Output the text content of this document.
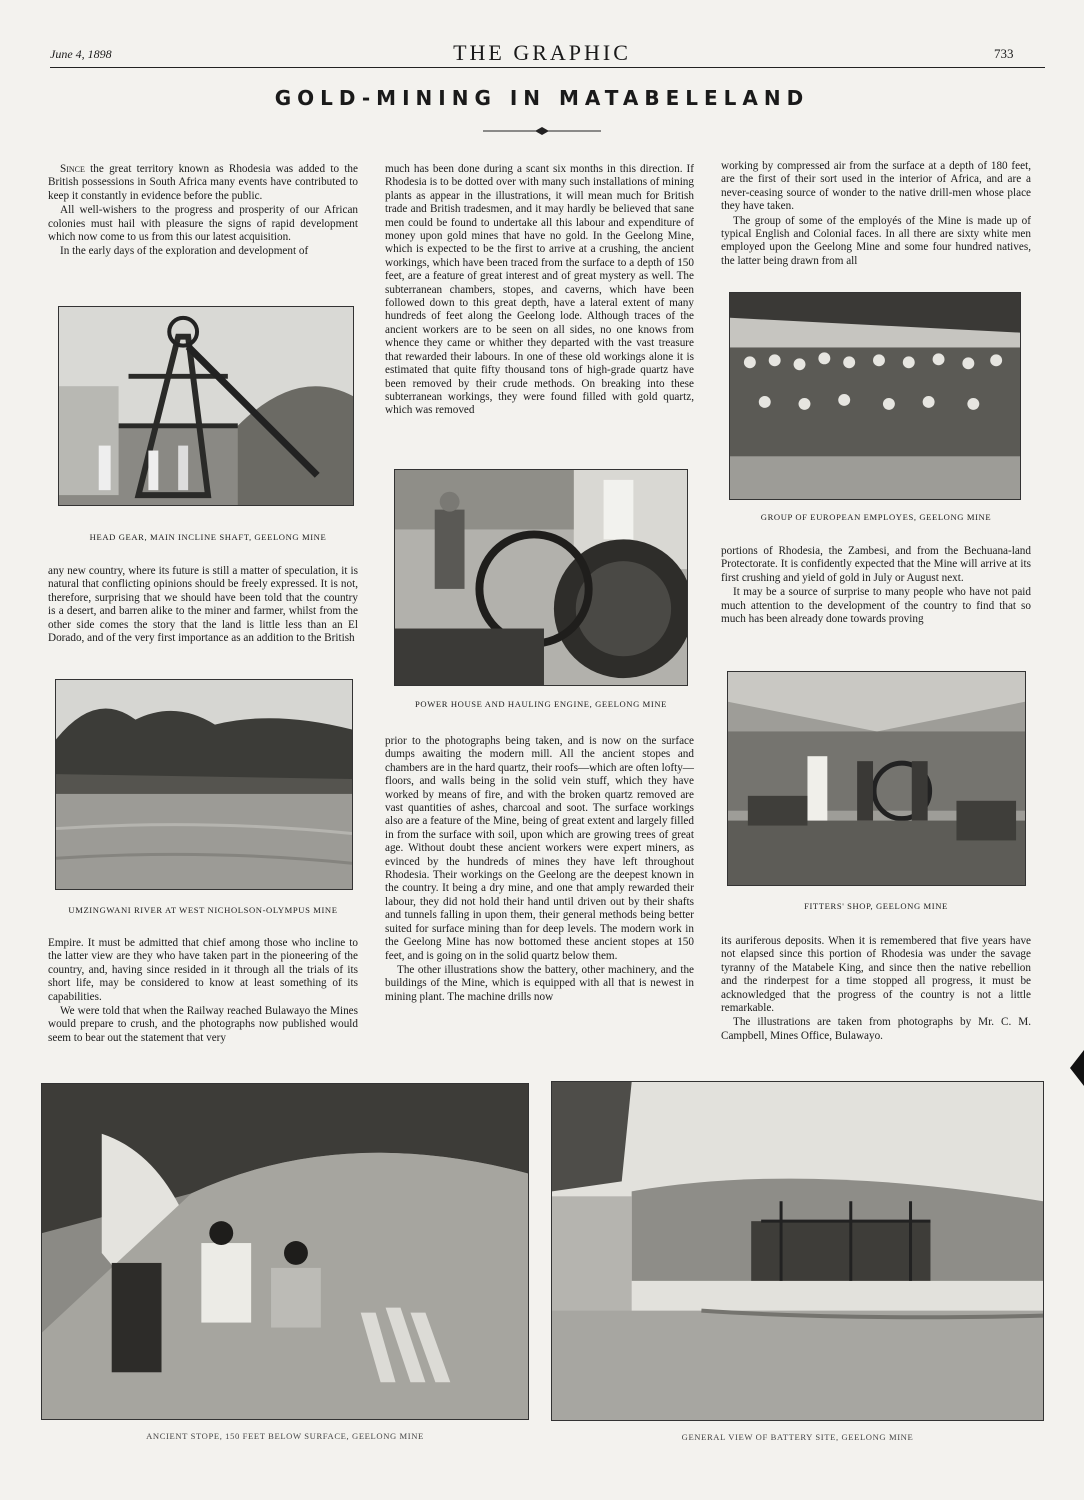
June 4, 1898	THE GRAPHIC	733
GOLD-MINING IN MATABELELAND

Since the great territory known as Rhodesia was added to the British possessions in South Africa many events have contributed to keep it constantly in evidence before the public.

All well-wishers to the progress and prosperity of our African colonies must hail with pleasure the signs of rapid development which now come to us from this our latest acquisition.

In the early days of the exploration and development of

HEAD GEAR, MAIN INCLINE SHAFT, GEELONG MINE

any new country, where its future is still a matter of speculation, it is natural that conflicting opinions should be freely expressed. It is not, therefore, surprising that we should have been told that the country is a desert, and barren alike to the miner and farmer, whilst from the other side comes the story that the land is little less than an El Dorado, and of the very first importance as an addition to the British

UMZINGWANI RIVER AT WEST NICHOLSON-OLYMPUS MINE

Empire. It must be admitted that chief among those who incline to the latter view are they who have taken part in the pioneering of the country, and, having since resided in it through all the trials of its short life, may be considered to know at least something of its capabilities.

We were told that when the Railway reached Bulawayo the Mines would prepare to crush, and the photographs now published would seem to bear out the statement that very

much has been done during a scant six months in this direction. If Rhodesia is to be dotted over with many such installations of mining plants as appear in the illustrations, it will mean much for British trade and British tradesmen, and it may hardly be believed that sane men could be found to undertake all this labour and expenditure of money upon gold mines that have no gold. In the Geelong Mine, which is expected to be the first to arrive at a crushing, the ancient workings, which have been traced from the surface to a depth of 150 feet, are a feature of great interest and of great mystery as well. The subterranean chambers, stopes, and caverns, which have been followed down to this great depth, have a lateral extent of many hundreds of feet along the Geelong lode. Although traces of the ancient workers are to be seen on all sides, no one knows from whence they came or whither they departed with the vast treasure that rewarded their labours. In one of these old workings alone it is estimated that quite fifty thousand tons of high-grade quartz have been removed by their crude methods. On breaking into these subterranean workings, they were found filled with gold quartz, which was removed

POWER HOUSE AND HAULING ENGINE, GEELONG MINE

prior to the photographs being taken, and is now on the surface dumps awaiting the modern mill. All the ancient stopes and chambers are in the hard quartz, their roofs—which are often lofty—floors, and walls being in the solid vein stuff, which they have worked by means of fire, and with the broken quartz removed are vast quantities of ashes, charcoal and soot. The surface workings also are a feature of the Mine, being of great extent and largely filled in from the surface with soil, upon which are growing trees of great age. Without doubt these ancient workers were expert miners, as evinced by the hundreds of mines they have left throughout Rhodesia. Their workings on the Geelong are the deepest known in the country. It being a dry mine, and one that amply rewarded their labour, they did not hold their hand until driven out by their shafts and tunnels falling in upon them, their general methods being better suited for surface mining than for deep levels. The modern work in the Geelong Mine has now bottomed these ancient stopes at 150 feet, and is going on in the solid quartz below them.

The other illustrations show the battery, other machinery, and the buildings of the Mine, which is equipped with all that is newest in mining plant. The machine drills now

working by compressed air from the surface at a depth of 180 feet, are the first of their sort used in the interior of Africa, and are a never-ceasing source of wonder to the native drill-men whose place they have taken.

The group of some of the employés of the Mine is made up of typical English and Colonial faces. In all there are sixty white men employed upon the Geelong Mine and some four hundred natives, the latter being drawn from all

GROUP OF EUROPEAN EMPLOYES, GEELONG MINE

portions of Rhodesia, the Zambesi, and from the Bechuana-land Protectorate. It is confidently expected that the Mine will arrive at its first crushing and yield of gold in July or August next.

It may be a source of surprise to many people who have not paid much attention to the development of the country to find that so much has been already done towards proving

FITTERS' SHOP, GEELONG MINE

its auriferous deposits. When it is remembered that five years have not elapsed since this portion of Rhodesia was under the savage tyranny of the Matabele King, and since then the native rebellion and the rinderpest for a time stopped all progress, it must be acknowledged that the progress of the country is not a little remarkable.

The illustrations are taken from photographs by Mr. C. M. Campbell, Mines Office, Bulawayo.

ANCIENT STOPE, 150 FEET BELOW SURFACE, GEELONG MINE	GENERAL VIEW OF BATTERY SITE, GEELONG MINE
